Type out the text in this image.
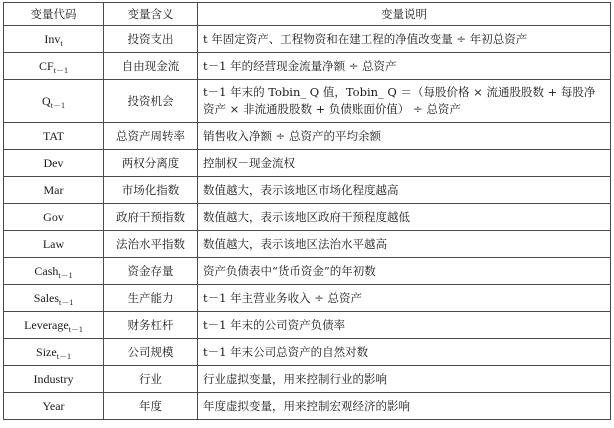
变量代码	变量含义	变量说明
Inv$_t$	投资支出	t 年固定资产、工程物资和在建工程的净值改变量 ÷ 年初总资产
$CF_{t-1}$	自由现金流	t－1 年的经营现金流量净额 ÷ 总资产
$Q_{t-1}$	投资机会	t－1 年末的 Tobin_ Q 值，Tobin_ Q ＝（每股价格 × 流通股股数 + 每股净资产 × 非流通股股数 + 负债账面价值） ÷ 总资产
TAT	总资产周转率	销售收入净额 ÷ 总资产的平均余额
Dev	两权分离度	控制权－现金流权
Mar	市场化指数	数值越大，表示该地区市场化程度越高
Gov	政府干预指数	数值越大，表示该地区政府干预程度越低
Law	法治水平指数	数值越大，表示该地区法治水平越高
Cash$_{t-1}$	资金存量	资产负债表中“货币资金”的年初数
Sales$_{t-1}$	生产能力	t－1 年主营业务收入 ÷ 总资产
Leverage$_{t-1}$	财务杠杆	t－1 年末的公司资产负债率
Size$_{t-1}$	公司规模	t－1 年末公司总资产的自然对数
Industry	行业	行业虚拟变量，用来控制行业的影响
Year	年度	年度虚拟变量，用来控制宏观经济的影响
